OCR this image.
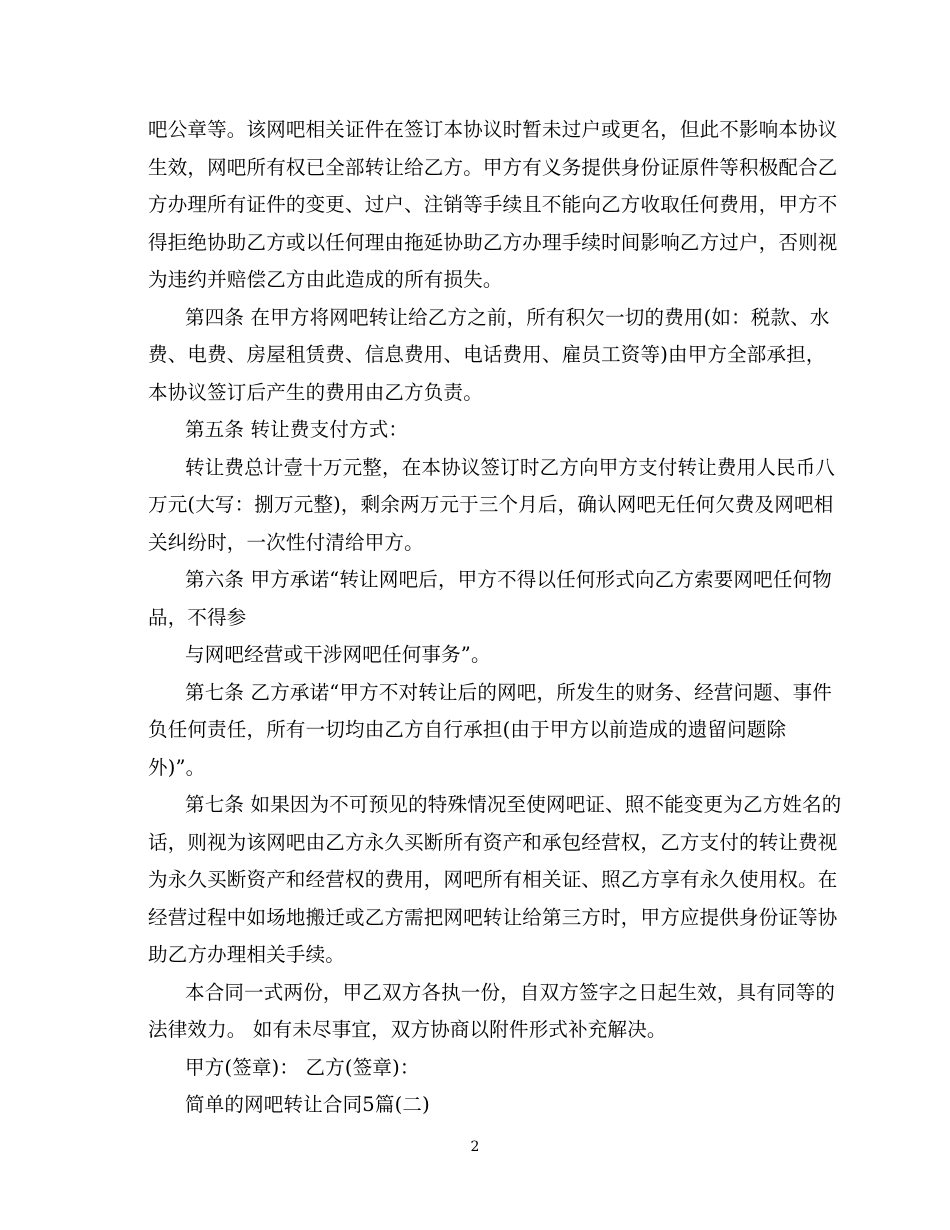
吧公章等。该网吧相关证件在签订本协议时暂未过户或更名，但此不影响本协议
生效，网吧所有权已全部转让给乙方。甲方有义务提供身份证原件等积极配合乙
方办理所有证件的变更、过户、注销等手续且不能向乙方收取任何费用，甲方不
得拒绝协助乙方或以任何理由拖延协助乙方办理手续时间影响乙方过户，否则视
为违约并赔偿乙方由此造成的所有损失。
第四条 在甲方将网吧转让给乙方之前，所有积欠一切的费用(如：税款、水
费、电费、房屋租赁费、信息费用、电话费用、雇员工资等)由甲方全部承担，
本协议签订后产生的费用由乙方负责。
第五条 转让费支付方式：
转让费总计壹十万元整，在本协议签订时乙方向甲方支付转让费用人民币八
万元(大写：捌万元整)，剩余两万元于三个月后，确认网吧无任何欠费及网吧相
关纠纷时，一次性付清给甲方。
第六条 甲方承诺“转让网吧后，甲方不得以任何形式向乙方索要网吧任何物
品，不得参
与网吧经营或干涉网吧任何事务”。
第七条 乙方承诺“甲方不对转让后的网吧，所发生的财务、经营问题、事件
负任何责任，所有一切均由乙方自行承担(由于甲方以前造成的遗留问题除
外)”。
第七条 如果因为不可预见的特殊情况至使网吧证、照不能变更为乙方姓名的
话，则视为该网吧由乙方永久买断所有资产和承包经营权，乙方支付的转让费视
为永久买断资产和经营权的费用，网吧所有相关证、照乙方享有永久使用权。在
经营过程中如场地搬迁或乙方需把网吧转让给第三方时，甲方应提供身份证等协
助乙方办理相关手续。
本合同一式两份，甲乙双方各执一份，自双方签字之日起生效，具有同等的
法律效力。 如有未尽事宜，双方协商以附件形式补充解决。
甲方(签章)： 乙方(签章)：
简单的网吧转让合同5篇(二)
2
